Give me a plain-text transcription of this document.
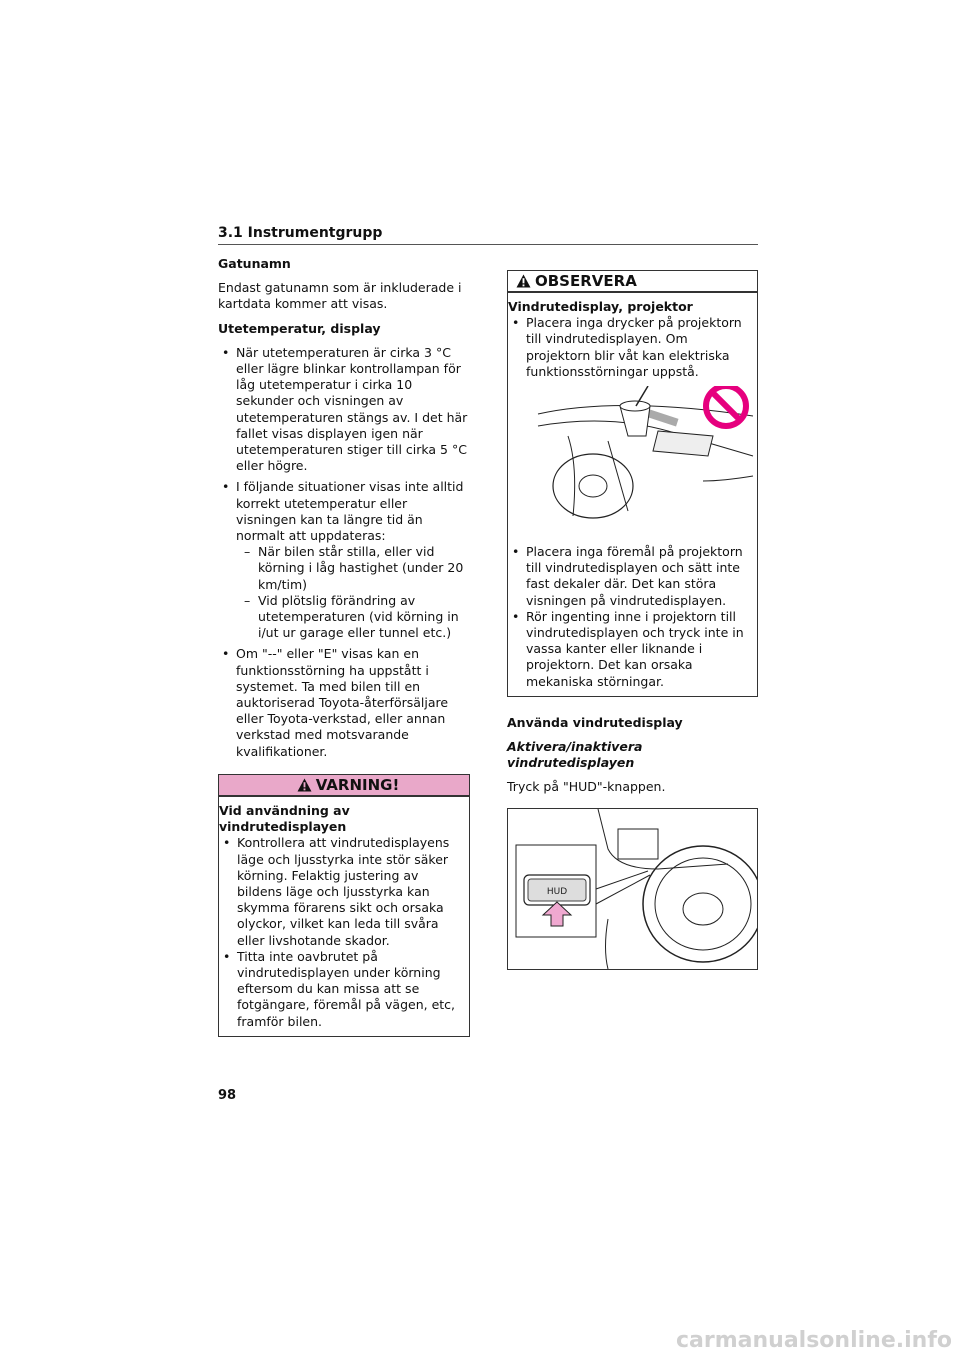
3.1 Instrumentgrupp
Gatunamn

Endast gatunamn som är inkluderade i kartdata kommer att visas.

Utetemperatur, display
• När utetemperaturen är cirka 3 °C eller lägre blinkar kontrollampan för låg utetemperatur i cirka 10 sekunder och visningen av utetemperaturen stängs av. I det här fallet visas displayen igen när utetemperaturen stiger till cirka 5 °C eller högre.
• I följande situationer visas inte alltid korrekt utetemperatur eller visningen kan ta längre tid än normalt att uppdateras:
– När bilen står stilla, eller vid körning i låg hastighet (under 20 km/tim)
– Vid plötslig förändring av utetemperaturen (vid körning in i/ut ur garage eller tunnel etc.)
• Om "--" eller "E" visas kan en funktionsstörning ha uppstått i systemet. Ta med bilen till en auktoriserad Toyota-återförsäljare eller Toyota-verkstad, eller annan verkstad med motsvarande kvalifikationer.
VARNING!
Vid användning av vindrutedisplayen
• Kontrollera att vindrutedisplayens läge och ljusstyrka inte stör säker körning. Felaktig justering av bildens läge och ljusstyrka kan skymma förarens sikt och orsaka olyckor, vilket kan leda till svåra eller livshotande skador.
• Titta inte oavbrutet på vindrutedisplayen under körning eftersom du kan missa att se fotgängare, föremål på vägen, etc, framför bilen.
OBSERVERA
Vindrutedisplay, projektor
• Placera inga drycker på projektorn till vindrutedisplayen. Om projektorn blir våt kan elektriska funktionsstörningar uppstå.
• Placera inga föremål på projektorn till vindrutedisplayen och sätt inte fast dekaler där. Det kan störa visningen på vindrutedisplayen.
• Rör ingenting inne i projektorn till vindrutedisplayen och tryck inte in vassa kanter eller liknande i projektorn. Det kan orsaka mekaniska störningar.
Använda vindrutedisplay
Aktivera/inaktivera vindrutedisplayen

Tryck på "HUD"-knappen.

HUD
98
carmanualsonline.info
